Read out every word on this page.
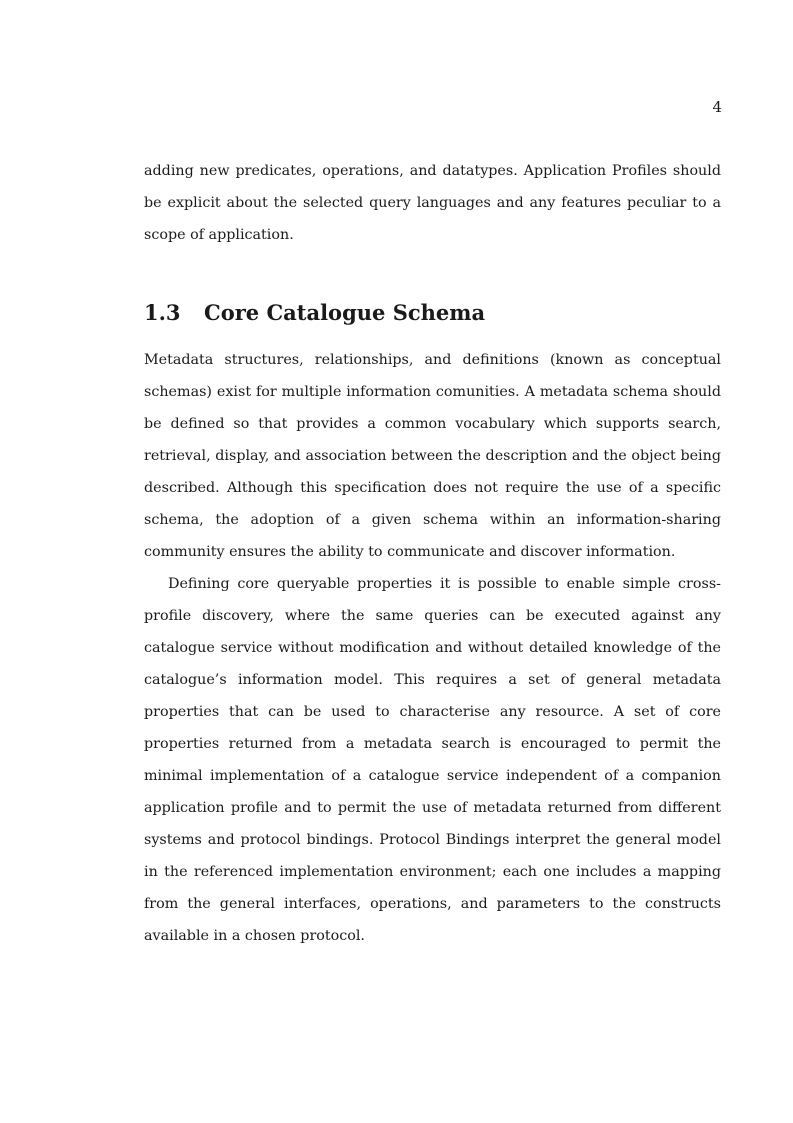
4

adding new predicates, operations, and datatypes. Application Profiles should be explicit about the selected query languages and any features peculiar to a scope of application.

1.3 Core Catalogue Schema

Metadata structures, relationships, and definitions (known as conceptual schemas) exist for multiple information comunities. A metadata schema should be defined so that provides a common vocabulary which supports search, retrieval, display, and association between the description and the object being described. Although this specification does not require the use of a specific schema, the adoption of a given schema within an information-sharing community ensures the ability to communicate and discover information.

Defining core queryable properties it is possible to enable simple cross-profile discovery, where the same queries can be executed against any catalogue service without modification and without detailed knowledge of the catalogue’s information model. This requires a set of general metadata properties that can be used to characterise any resource. A set of core properties returned from a metadata search is encouraged to permit the minimal implementation of a catalogue service independent of a companion application profile and to permit the use of metadata returned from different systems and protocol bindings. Protocol Bindings interpret the general model in the referenced implementation environment; each one includes a mapping from the general interfaces, operations, and parameters to the constructs available in a chosen protocol.
